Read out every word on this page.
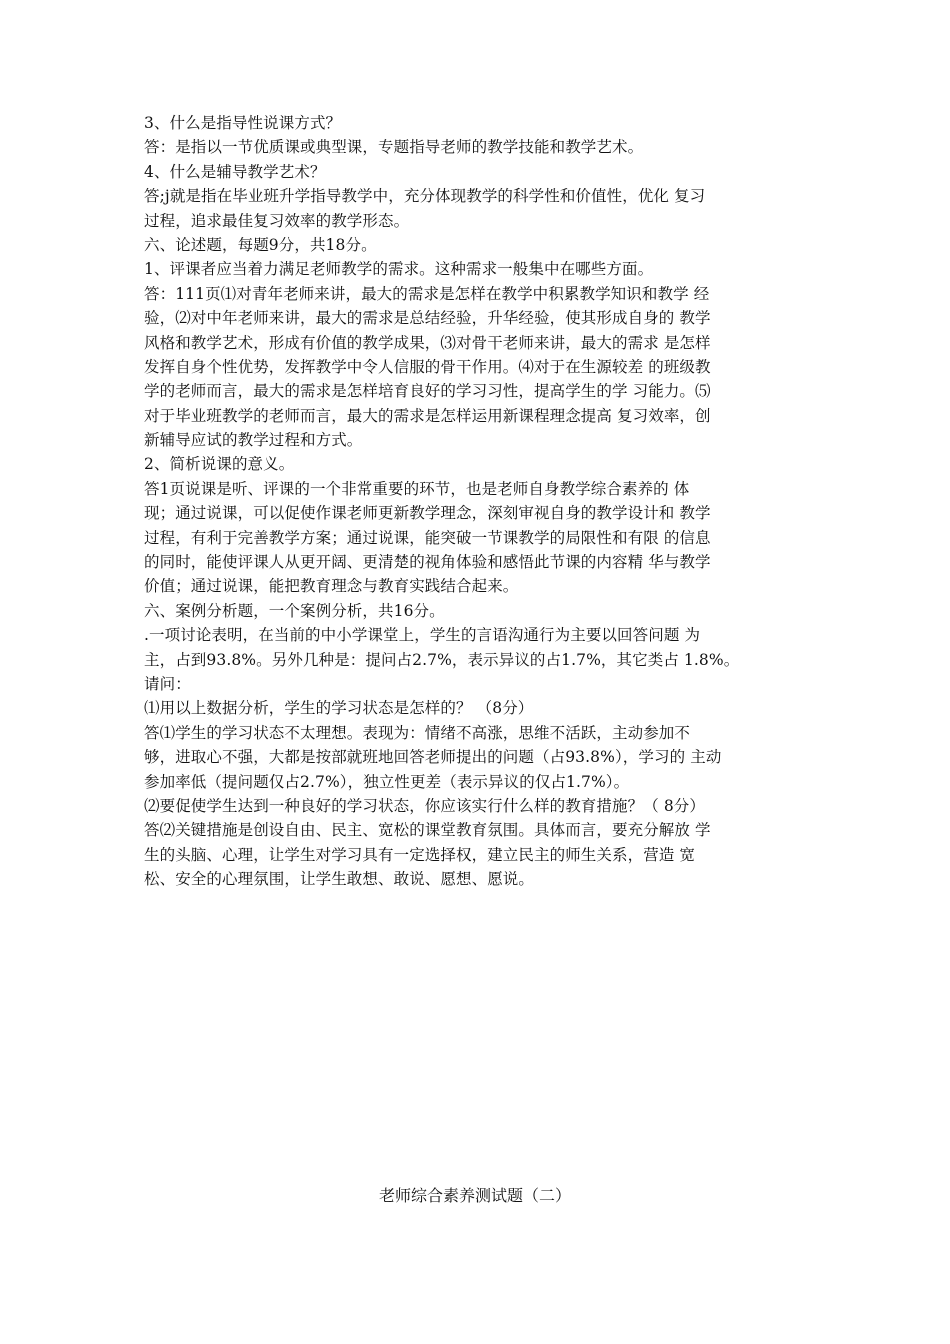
3、什么是指导性说课方式？
答：是指以一节优质课或典型课，专题指导老师的教学技能和教学艺术。
4、什么是辅导教学艺术？
答;j就是指在毕业班升学指导教学中，充分体现教学的科学性和价值性，优化 复习
过程，追求最佳复习效率的教学形态。
六、论述题，每题9分，共18分。
1、评课者应当着力满足老师教学的需求。这种需求一般集中在哪些方面。
答：111页⑴对青年老师来讲，最大的需求是怎样在教学中积累教学知识和教学 经
验，⑵对中年老师来讲，最大的需求是总结经验，升华经验，使其形成自身的 教学
风格和教学艺术，形成有价值的教学成果，⑶对骨干老师来讲，最大的需求 是怎样
发挥自身个性优势，发挥教学中令人信服的骨干作用。⑷对于在生源较差 的班级教
学的老师而言，最大的需求是怎样培育良好的学习习性，提高学生的学 习能力。⑸
对于毕业班教学的老师而言，最大的需求是怎样运用新课程理念提高 复习效率，创
新辅导应试的教学过程和方式。
2、简析说课的意义。
答1页说课是听、评课的一个非常重要的环节，也是老师自身教学综合素养的 体
现；通过说课，可以促使作课老师更新教学理念，深刻审视自身的教学设计和 教学
过程，有利于完善教学方案；通过说课，能突破一节课教学的局限性和有限 的信息
的同时，能使评课人从更开阔、更清楚的视角体验和感悟此节课的内容精 华与教学
价值；通过说课，能把教育理念与教育实践结合起来。
六、案例分析题，一个案例分析，共16分。
.一项讨论表明，在当前的中小学课堂上，学生的言语沟通行为主要以回答问题 为
主，占到93.8%。另外几种是：提问占2.7%，表示异议的占1.7%，其它类占 1.8%。
请问：
⑴用以上数据分析，学生的学习状态是怎样的？ （8分）
答⑴学生的学习状态不太理想。表现为：情绪不高涨，思维不活跃，主动参加不
够，进取心不强，大都是按部就班地回答老师提出的问题（占93.8%），学习的 主动
参加率低（提问题仅占2.7%），独立性更差（表示异议的仅占1.7%）。
⑵要促使学生达到一种良好的学习状态，你应该实行什么样的教育措施？（ 8分）
答⑵关键措施是创设自由、民主、宽松的课堂教育氛围。具体而言，要充分解放 学
生的头脑、心理，让学生对学习具有一定选择权，建立民主的师生关系，营造 宽
松、安全的心理氛围，让学生敢想、敢说、愿想、愿说。
老师综合素养测试题（二）
